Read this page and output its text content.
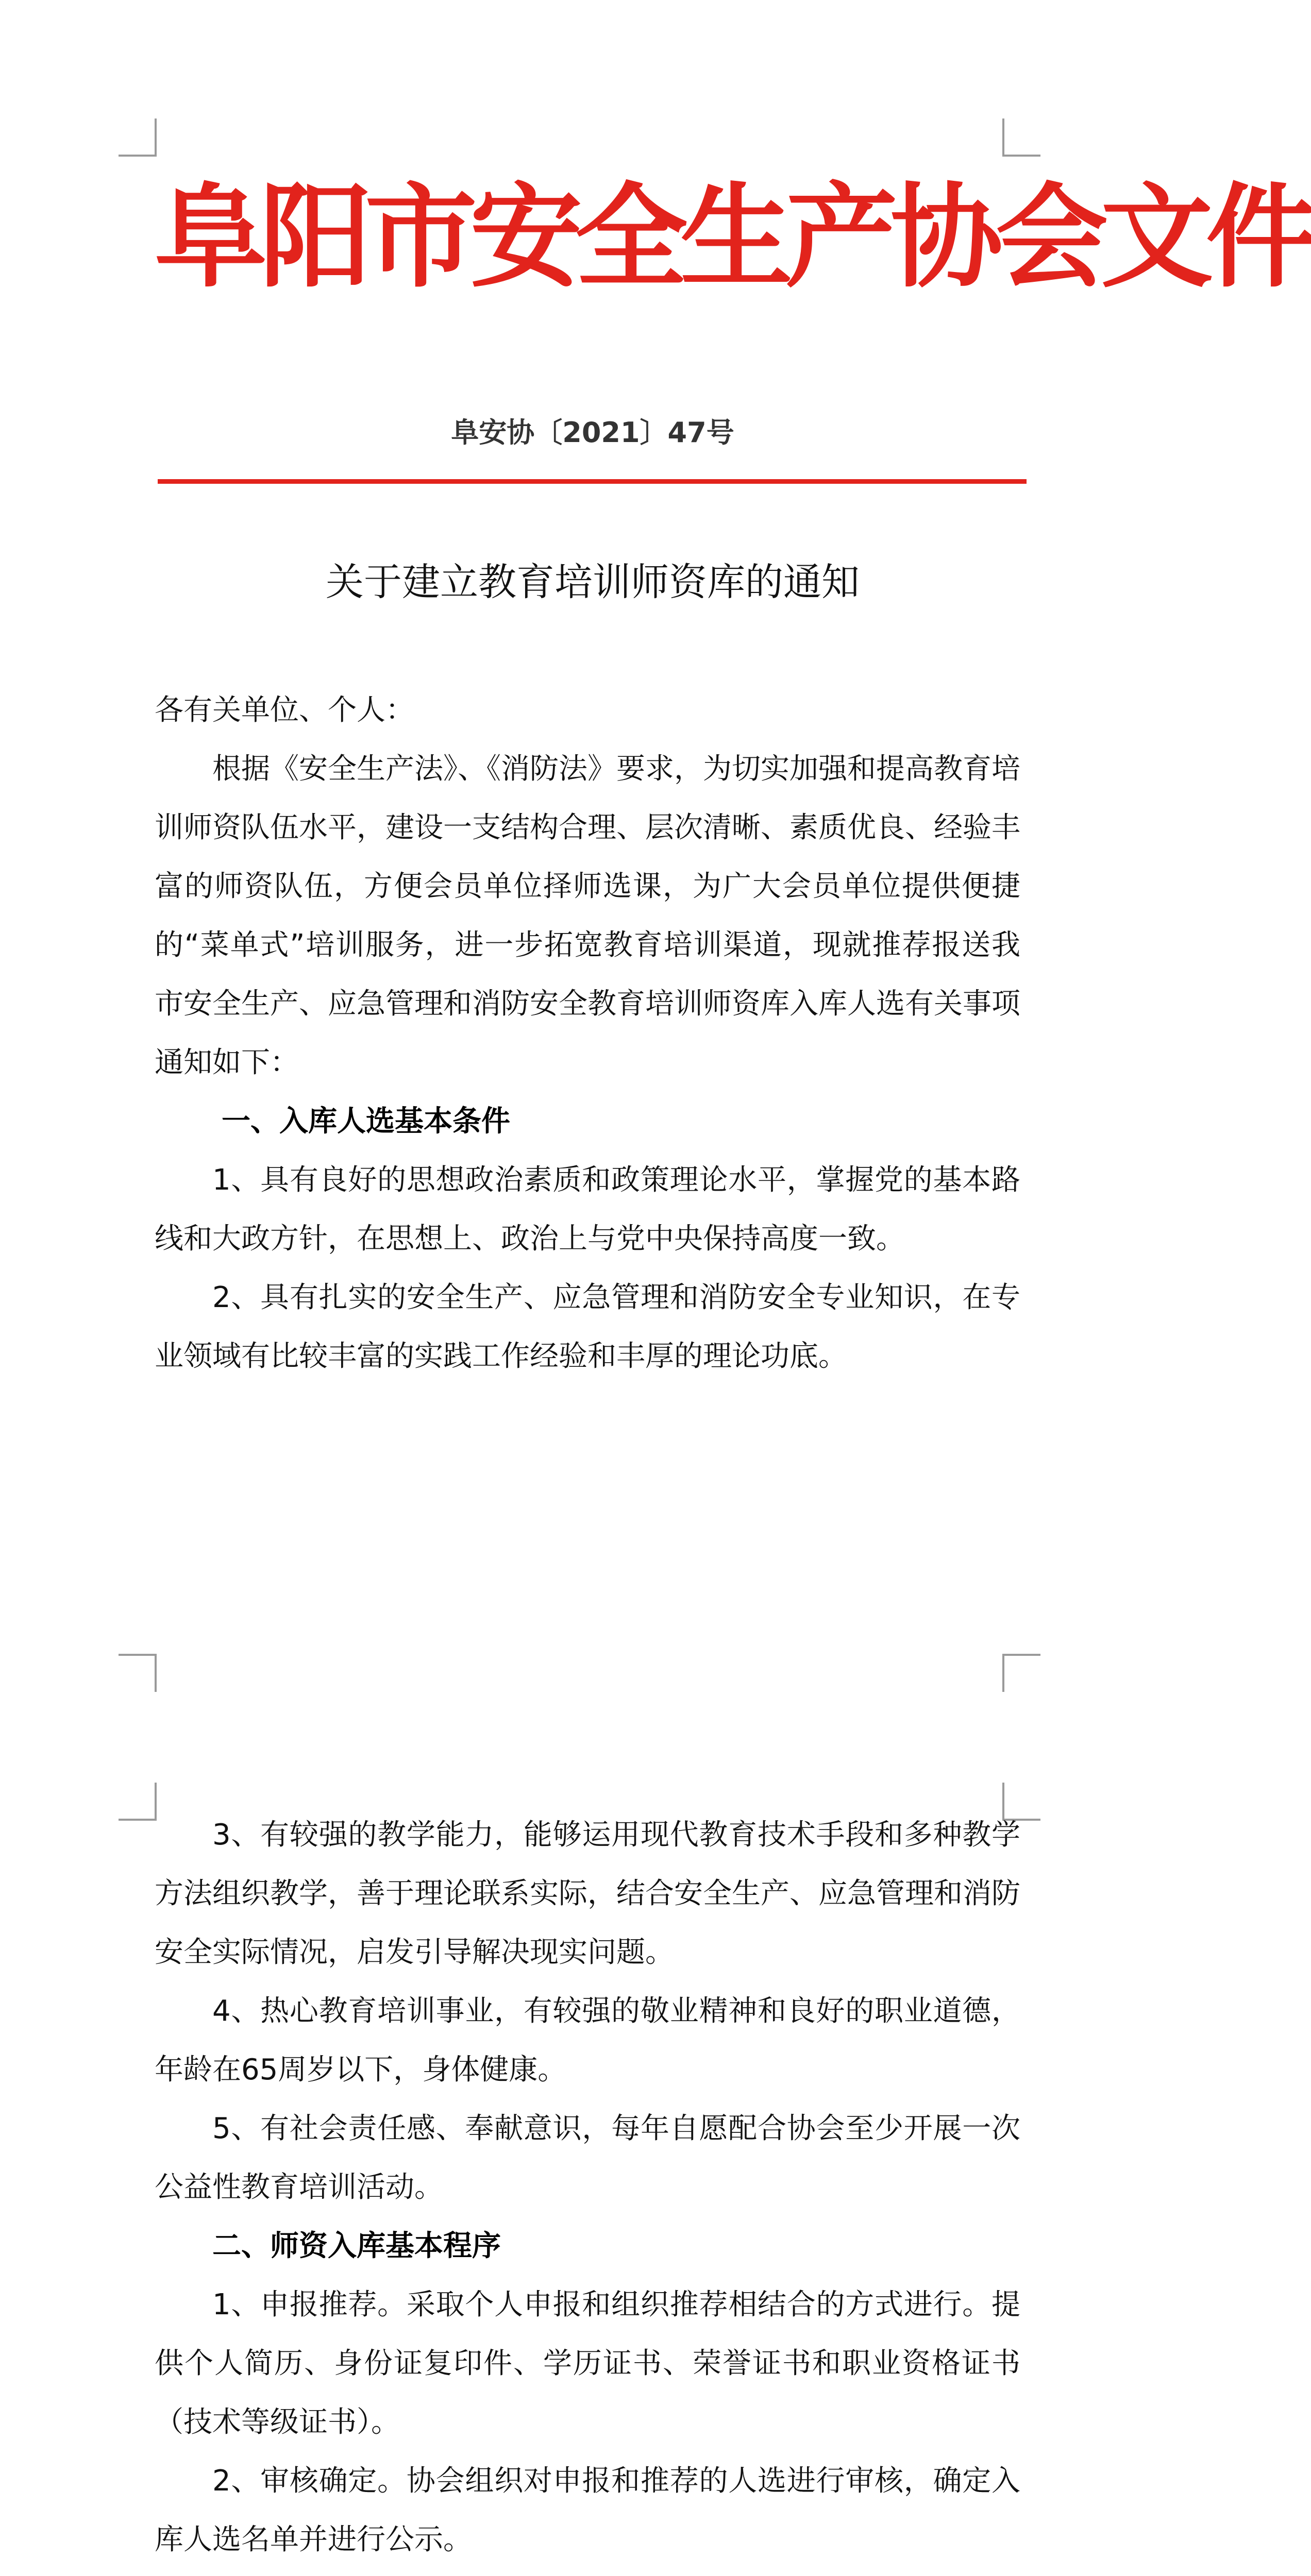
阜阳市安全生产协会文件
阜安协〔2021〕47号
关于建立教育培训师资库的通知

各有关单位、个人：

根据《安全生产法》、《消防法》要求，为切实加强和提高教育培训师资队伍水平，建设一支结构合理、层次清晰、素质优良、经验丰富的师资队伍，方便会员单位择师选课，为广大会员单位提供便捷的“菜单式”培训服务，进一步拓宽教育培训渠道，现就推荐报送我市安全生产、应急管理和消防安全教育培训师资库入库人选有关事项通知如下：

一、入库人选基本条件

1、具有良好的思想政治素质和政策理论水平，掌握党的基本路线和大政方针，在思想上、政治上与党中央保持高度一致。

2、具有扎实的安全生产、应急管理和消防安全专业知识，在专业领域有比较丰富的实践工作经验和丰厚的理论功底。

3、有较强的教学能力，能够运用现代教育技术手段和多种教学方法组织教学，善于理论联系实际，结合安全生产、应急管理和消防安全实际情况，启发引导解决现实问题。

4、热心教育培训事业，有较强的敬业精神和良好的职业道德，年龄在65周岁以下，身体健康。

5、有社会责任感、奉献意识，每年自愿配合协会至少开展一次公益性教育培训活动。

二、师资入库基本程序

1、申报推荐。采取个人申报和组织推荐相结合的方式进行。提供个人简历、身份证复印件、学历证书、荣誉证书和职业资格证书（技术等级证书）。

2、审核确定。协会组织对申报和推荐的人选进行审核，确定入库人选名单并进行公示。
